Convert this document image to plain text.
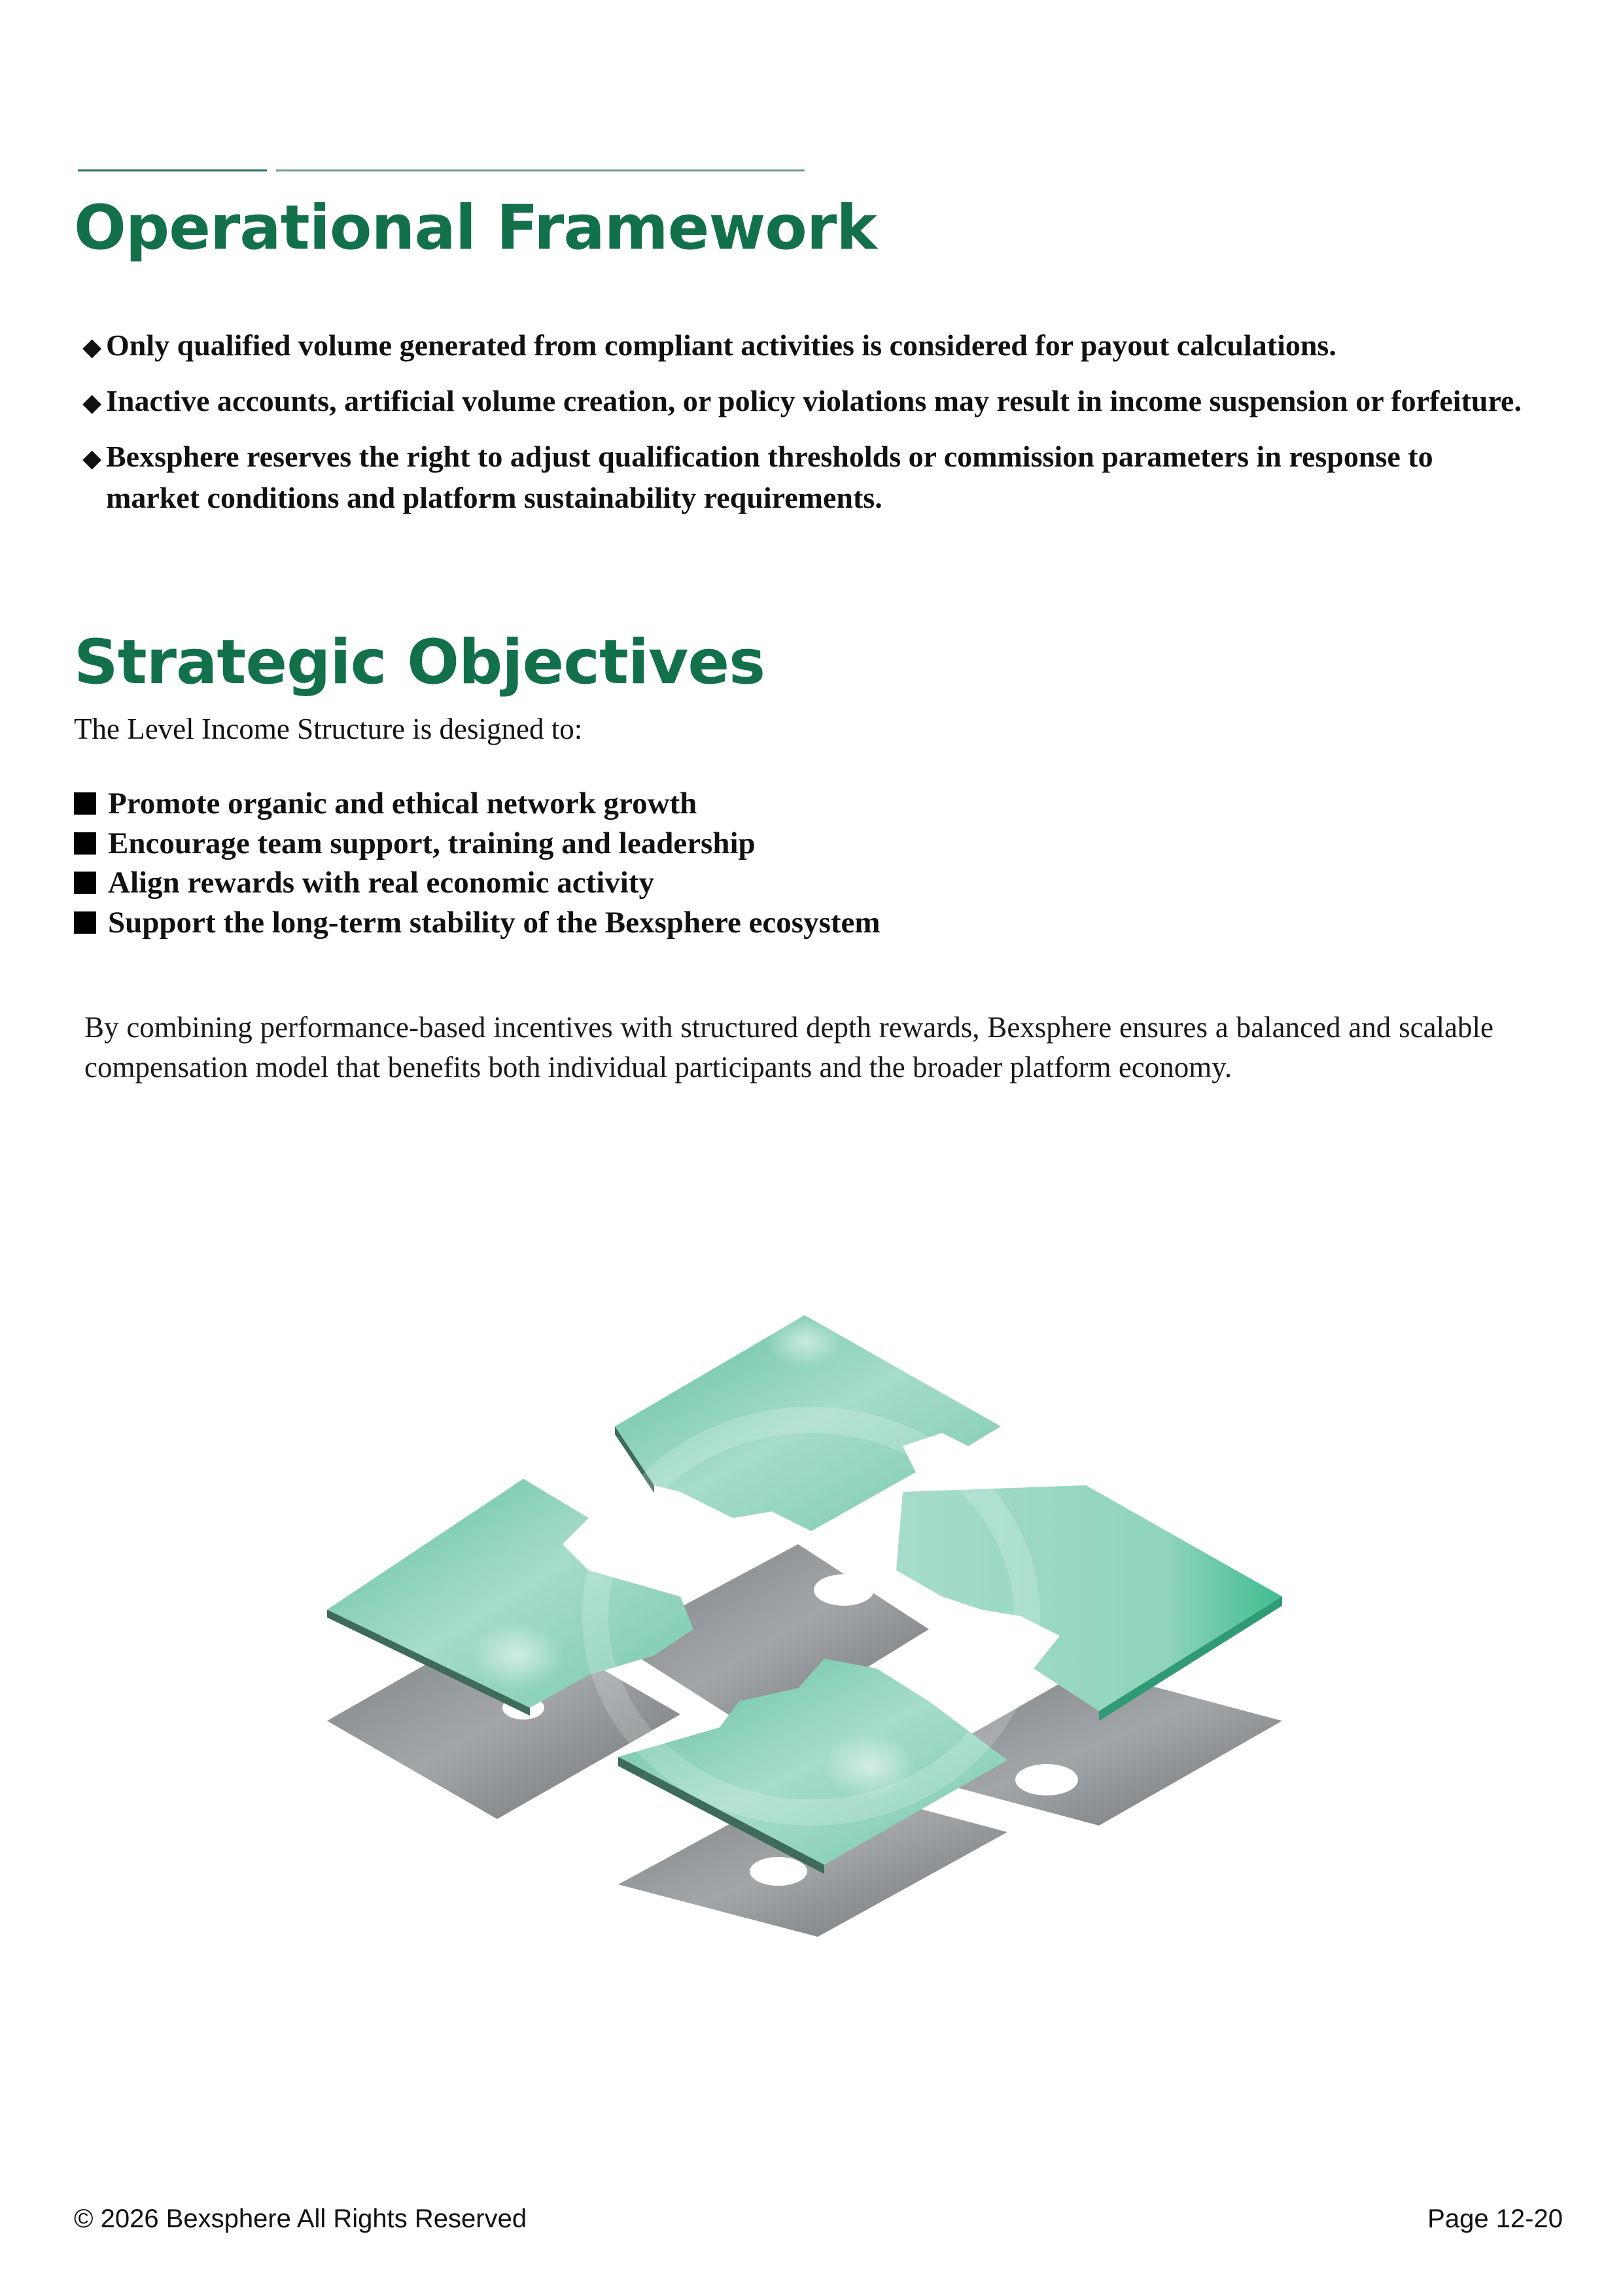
Operational Framework
◆ Only qualified volume generated from compliant activities is considered for payout calculations.
◆ Inactive accounts, artificial volume creation, or policy violations may result in income suspension or forfeiture.
◆ Bexsphere reserves the right to adjust qualification thresholds or commission parameters in response to market conditions and platform sustainability requirements.
Strategic Objectives

The Level Income Structure is designed to:

Promote organic and ethical network growth
Encourage team support, training and leadership
Align rewards with real economic activity
Support the long-term stability of the Bexsphere ecosystem

By combining performance-based incentives with structured depth rewards, Bexsphere ensures a balanced and scalable compensation model that benefits both individual participants and the broader platform economy.

© 2026 Bexsphere All Rights Reserved	Page 12-20
